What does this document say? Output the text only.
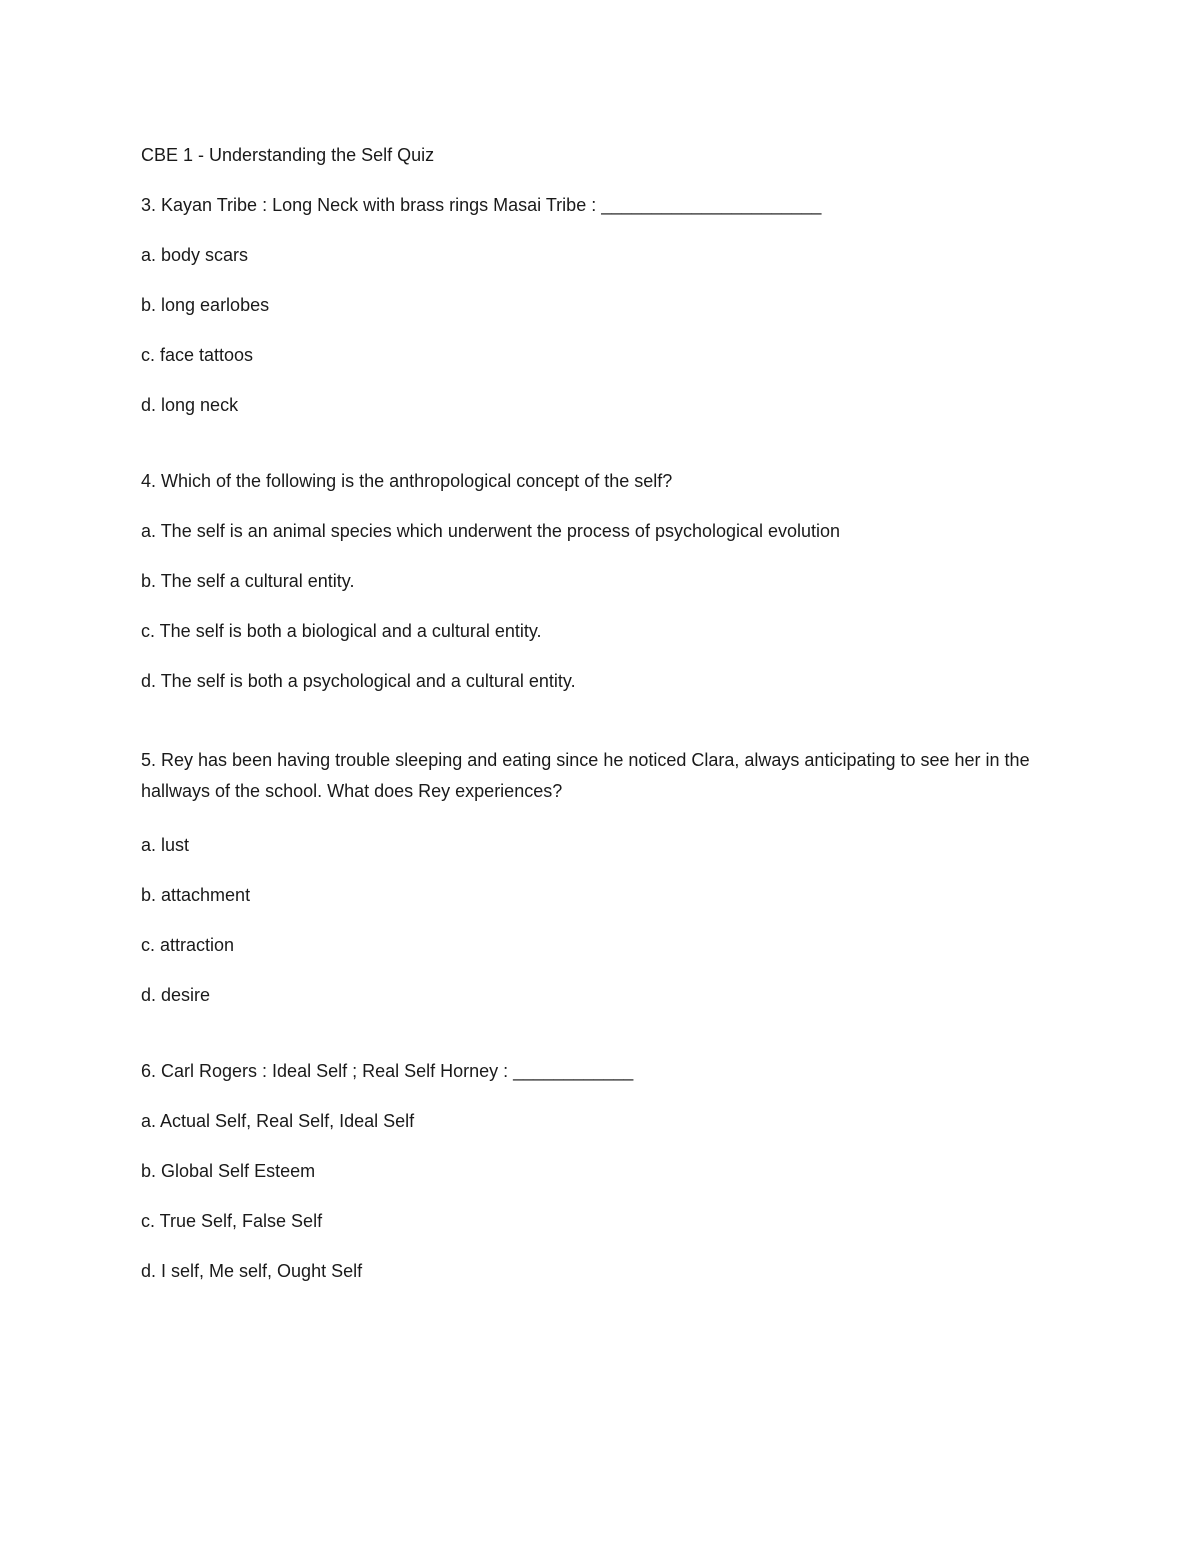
CBE 1 - Understanding the Self Quiz

3. Kayan Tribe : Long Neck with brass rings Masai Tribe : ______________________

a. body scars

b. long earlobes

c. face tattoos

d. long neck

4. Which of the following is the anthropological concept of the self?

a. The self is an animal species which underwent the process of psychological evolution

b. The self a cultural entity.

c. The self is both a biological and a cultural entity.

d. The self is both a psychological and a cultural entity.

5. Rey has been having trouble sleeping and eating since he noticed Clara, always anticipating to see her in the hallways of the school. What does Rey experiences?

a. lust

b. attachment

c. attraction

d. desire

6. Carl Rogers : Ideal Self ; Real Self Horney : ____________

a. Actual Self, Real Self, Ideal Self

b. Global Self Esteem

c. True Self, False Self

d. I self, Me self, Ought Self
